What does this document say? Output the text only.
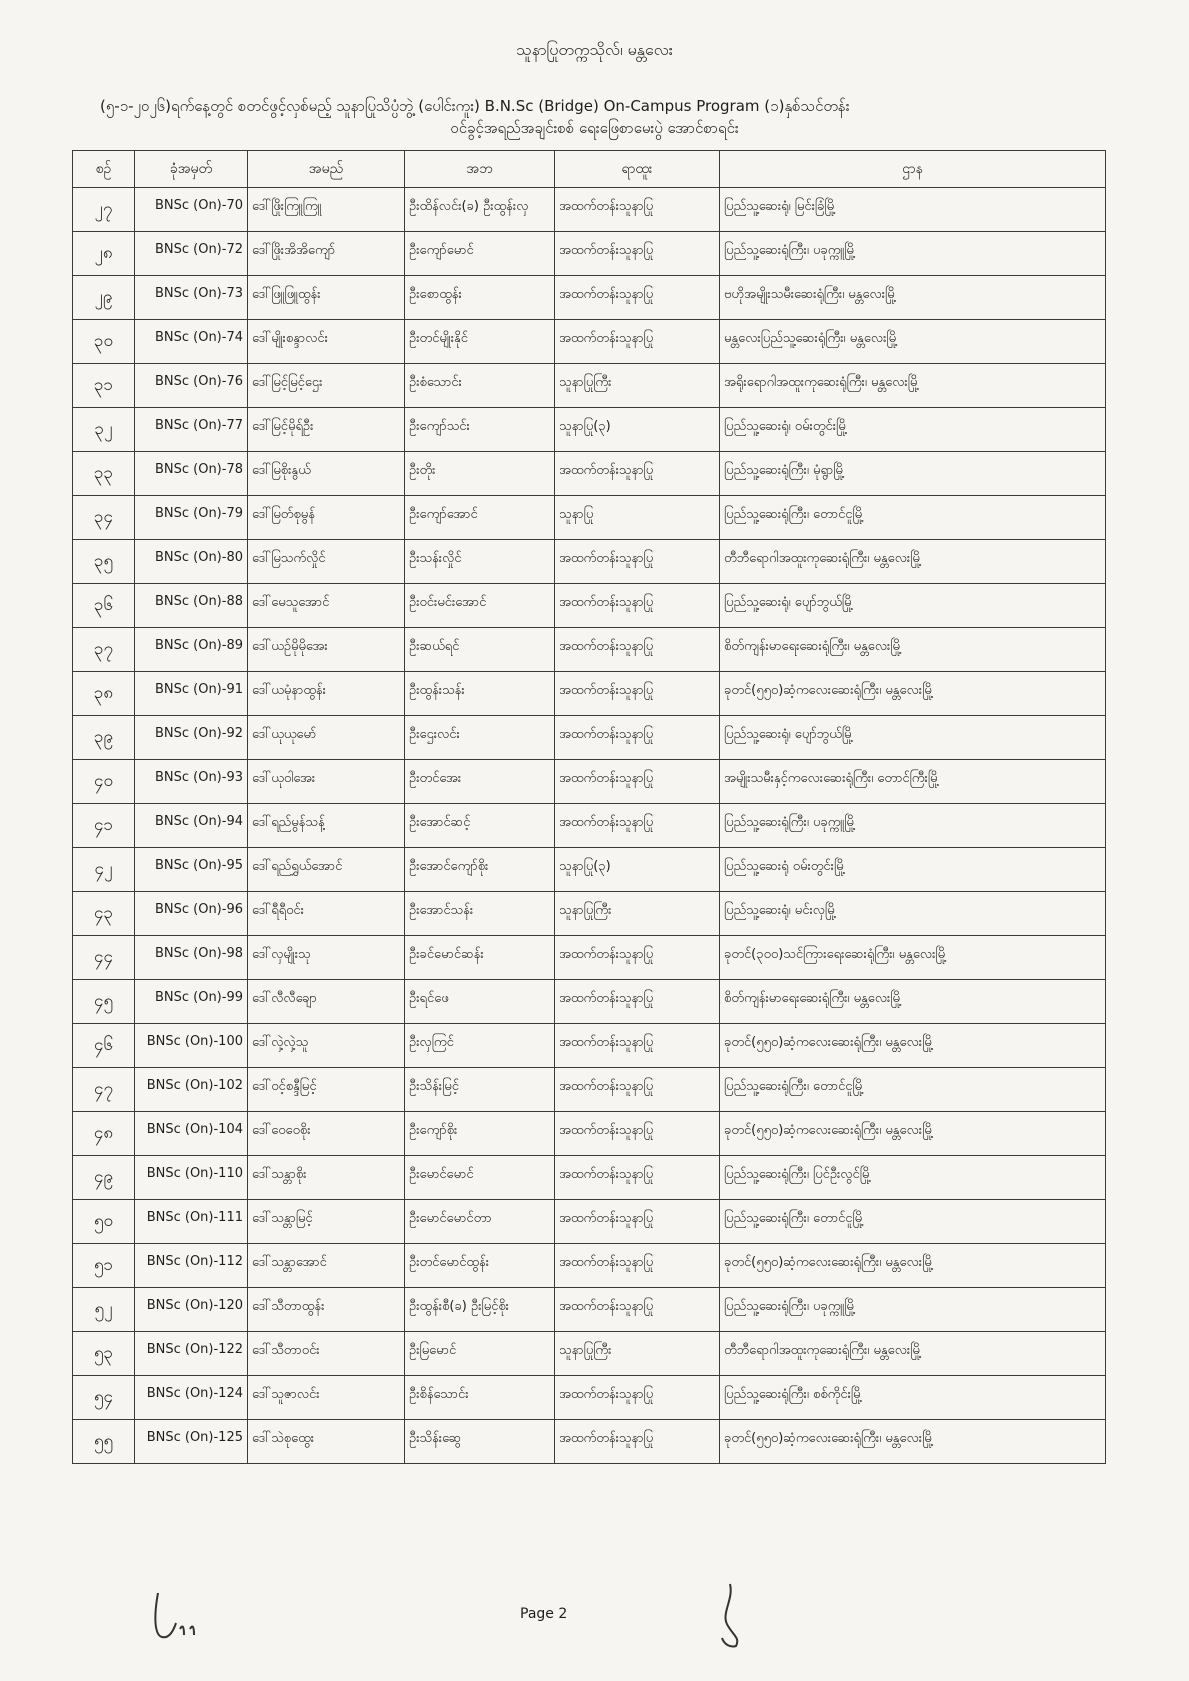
သူနာပြုတက္ကသိုလ်၊ မန္တလေး
(၅-၁-၂၀၂၆)ရက်နေ့တွင် စတင်ဖွင့်လှစ်မည့် သူနာပြုသိပ္ပံဘွဲ့ (ပေါင်းကူး) B.N.Sc (Bridge) On-Campus Program (၁)နှစ်သင်တန်း
ဝင်ခွင့်အရည်အချင်းစစ် ရေးဖြေစာမေးပွဲ အောင်စာရင်း
စဉ်	ခုံအမှတ်	အမည်	အဘ	ရာထူး	ဌာန
၂၇	BNSc (On)-70	ဒေါ်ဖြိုးကြူကြူ	ဦးထိန်လင်း(ခ) ဦးထွန်းလှ	အထက်တန်းသူနာပြု	ပြည်သူ့ဆေးရုံ၊ မြင်းခြံမြို့
၂၈	BNSc (On)-72	ဒေါ်ဖြိုးအိအိကျော်	ဦးကျော်မောင်	အထက်တန်းသူနာပြု	ပြည်သူ့ဆေးရုံကြီး၊ ပခုက္ကူမြို့
၂၉	BNSc (On)-73	ဒေါ်ဖြူဖြူထွန်း	ဦးစောထွန်း	အထက်တန်းသူနာပြု	ဗဟိုအမျိုးသမီးဆေးရုံကြီး၊ မန္တလေးမြို့
၃၀	BNSc (On)-74	ဒေါ်မျိုးစန္ဒာလင်း	ဦးတင်မျိုးနိုင်	အထက်တန်းသူနာပြု	မန္တလေးပြည်သူ့ဆေးရုံကြီး၊ မန္တလေးမြို့
၃၁	BNSc (On)-76	ဒေါ်မြင့်မြင့်ဌေး	ဦးစံသောင်း	သူနာပြုကြီး	အရိုးရောဂါအထူးကုဆေးရုံကြီး၊ မန္တလေးမြို့
၃၂	BNSc (On)-77	ဒေါ်မြင့်မိုရ်ဦး	ဦးကျော်သင်း	သူနာပြု(၃)	ပြည်သူ့ဆေးရုံ၊ ဝမ်းတွင်းမြို့
၃၃	BNSc (On)-78	ဒေါ်မြစိုးနွယ်	ဦးတိုး	အထက်တန်းသူနာပြု	ပြည်သူ့ဆေးရုံကြီး၊ မုံရွာမြို့
၃၄	BNSc (On)-79	ဒေါ်မြတ်စုမွန်	ဦးကျော်အောင်	သူနာပြု	ပြည်သူ့ဆေးရုံကြီး၊ တောင်ငူမြို့
၃၅	BNSc (On)-80	ဒေါ်မြသက်လှိုင်	ဦးသန်းလှိုင်	အထက်တန်းသူနာပြု	တီဘီရောဂါအထူးကုဆေးရုံကြီး၊ မန္တလေးမြို့
၃၆	BNSc (On)-88	ဒေါ်မေသူအောင်	ဦးဝင်းမင်းအောင်	အထက်တန်းသူနာပြု	ပြည်သူ့ဆေးရုံ၊ ပျော်ဘွယ်မြို့
၃၇	BNSc (On)-89	ဒေါ်ယဉ်မိုမိုအေး	ဦးဆယ်ရင်	အထက်တန်းသူနာပြု	စိတ်ကျန်းမာရေးဆေးရုံကြီး၊ မန္တလေးမြို့
၃၈	BNSc (On)-91	ဒေါ်ယမုံနာထွန်း	ဦးထွန်းသန်း	အထက်တန်းသူနာပြု	ခုတင်(၅၅၀)ဆံ့ကလေးဆေးရုံကြီး၊ မန္တလေးမြို့
၃၉	BNSc (On)-92	ဒေါ်ယုယုမော်	ဦးဌေးလင်း	အထက်တန်းသူနာပြု	ပြည်သူ့ဆေးရုံ၊ ပျော်ဘွယ်မြို့
၄၀	BNSc (On)-93	ဒေါ်ယုဝါအေး	ဦးတင်အေး	အထက်တန်းသူနာပြု	အမျိုးသမီးနှင့်ကလေးဆေးရုံကြီး၊ တောင်ကြီးမြို့
၄၁	BNSc (On)-94	ဒေါ်ရည်မွန်သန့်	ဦးအောင်ဆင့်	အထက်တန်းသူနာပြု	ပြည်သူ့ဆေးရုံကြီး၊ ပခုက္ကူမြို့
၄၂	BNSc (On)-95	ဒေါ်ရည်ရွှယ်အောင်	ဦးအောင်ကျော်စိုး	သူနာပြု(၃)	ပြည်သူ့ဆေးရုံ ဝမ်းတွင်းမြို့
၄၃	BNSc (On)-96	ဒေါ်ရီရီဝင်း	ဦးအောင်သန်း	သူနာပြုကြီး	ပြည်သူ့ဆေးရုံ၊ မင်းလှမြို့
၄၄	BNSc (On)-98	ဒေါ်လှမျိုးသု	ဦးခင်မောင်ဆန်း	အထက်တန်းသူနာပြု	ခုတင်(၃၀၀)သင်ကြားရေးဆေးရုံကြီး၊ မန္တလေးမြို့
၄၅	BNSc (On)-99	ဒေါ်လီလီချော	ဦးရင်ဖေ	အထက်တန်းသူနာပြု	စိတ်ကျန်းမာရေးဆေးရုံကြီး၊ မန္တလေးမြို့
၄၆	BNSc (On)-100	ဒေါ်လှဲ့လှဲ့သူ	ဦးလှကြင်	အထက်တန်းသူနာပြု	ခုတင်(၅၅၀)ဆံ့ကလေးဆေးရုံကြီး၊ မန္တလေးမြို့
၄၇	BNSc (On)-102	ဒေါ်ဝင့်စန္ဒီမြင့်	ဦးသိန်းမြင့်	အထက်တန်းသူနာပြု	ပြည်သူ့ဆေးရုံကြီး၊ တောင်ငူမြို့
၄၈	BNSc (On)-104	ဒေါ်ဝေဝေစိုး	ဦးကျော်စိုး	အထက်တန်းသူနာပြု	ခုတင်(၅၅၀)ဆံ့ကလေးဆေးရုံကြီး၊ မန္တလေးမြို့
၄၉	BNSc (On)-110	ဒေါ်သန္တာစိုး	ဦးမောင်မောင်	အထက်တန်းသူနာပြု	ပြည်သူ့ဆေးရုံကြီး၊ ပြင်ဦးလွင်မြို့
၅၀	BNSc (On)-111	ဒေါ်သန္တာမြင့်	ဦးမောင်မောင်တာ	အထက်တန်းသူနာပြု	ပြည်သူ့ဆေးရုံကြီး၊ တောင်ငူမြို့
၅၁	BNSc (On)-112	ဒေါ်သန္တာအောင်	ဦးတင်မောင်ထွန်း	အထက်တန်းသူနာပြု	ခုတင်(၅၅၀)ဆံ့ကလေးဆေးရုံကြီး၊ မန္တလေးမြို့
၅၂	BNSc (On)-120	ဒေါ်သီတာထွန်း	ဦးထွန်းစီ(ခ) ဦးမြင့်စိုး	အထက်တန်းသူနာပြု	ပြည်သူ့ဆေးရုံကြီး၊ ပခုက္ကူမြို့
၅၃	BNSc (On)-122	ဒေါ်သီတာဝင်း	ဦးမြမောင်	သူနာပြုကြီး	တီဘီရောဂါအထူးကုဆေးရုံကြီး၊ မန္တလေးမြို့
၅၄	BNSc (On)-124	ဒေါ်သူဇာလင်း	ဦးစိန်သောင်း	အထက်တန်းသူနာပြု	ပြည်သူ့ဆေးရုံကြီး၊ စစ်ကိုင်းမြို့
၅၅	BNSc (On)-125	ဒေါ်သဲစုထွေး	ဦးသိန်းဆွေ	အထက်တန်းသူနာပြု	ခုတင်(၅၅၀)ဆံ့ကလေးဆေးရုံကြီး၊ မန္တလေးမြို့
Page 2
